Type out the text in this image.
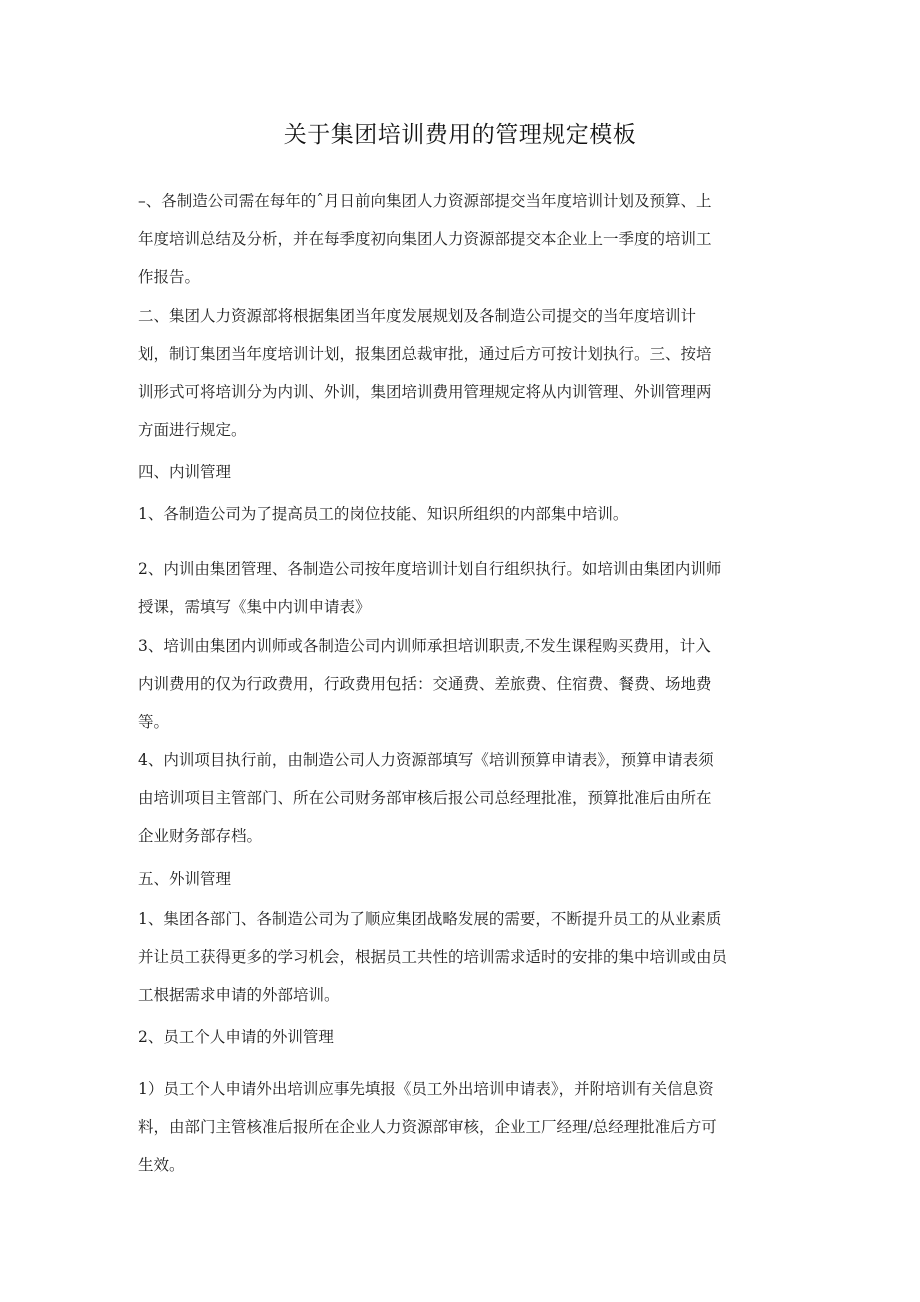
关于集团培训费用的管理规定模板

–、各制造公司需在每年的ˆ月日前向集团人力资源部提交当年度培训计划及预算、上
年度培训总结及分析，并在每季度初向集团人力资源部提交本企业上一季度的培训工
作报告。

二、集团人力资源部将根据集团当年度发展规划及各制造公司提交的当年度培训计
划，制订集团当年度培训计划，报集团总裁审批，通过后方可按计划执行。三、按培
训形式可将培训分为内训、外训，集团培训费用管理规定将从内训管理、外训管理两
方面进行规定。

四、内训管理

1、各制造公司为了提高员工的岗位技能、知识所组织的内部集中培训。

2、内训由集团管理、各制造公司按年度培训计划自行组织执行。如培训由集团内训师
授课，需填写《集中内训申请表》

3、培训由集团内训师或各制造公司内训师承担培训职责,不发生课程购买费用，计入
内训费用的仅为行政费用，行政费用包括：交通费、差旅费、住宿费、餐费、场地费
等。

4、内训项目执行前，由制造公司人力资源部填写《培训预算申请表》，预算申请表须
由培训项目主管部门、所在公司财务部审核后报公司总经理批准，预算批准后由所在
企业财务部存档。

五、外训管理

1、集团各部门、各制造公司为了顺应集团战略发展的需要，不断提升员工的从业素质
并让员工获得更多的学习机会，根据员工共性的培训需求适时的安排的集中培训或由员
工根据需求申请的外部培训。

2、员工个人申请的外训管理

1）员工个人申请外出培训应事先填报《员工外出培训申请表》，并附培训有关信息资
料，由部门主管核准后报所在企业人力资源部审核，企业工厂经理/总经理批准后方可
生效。
